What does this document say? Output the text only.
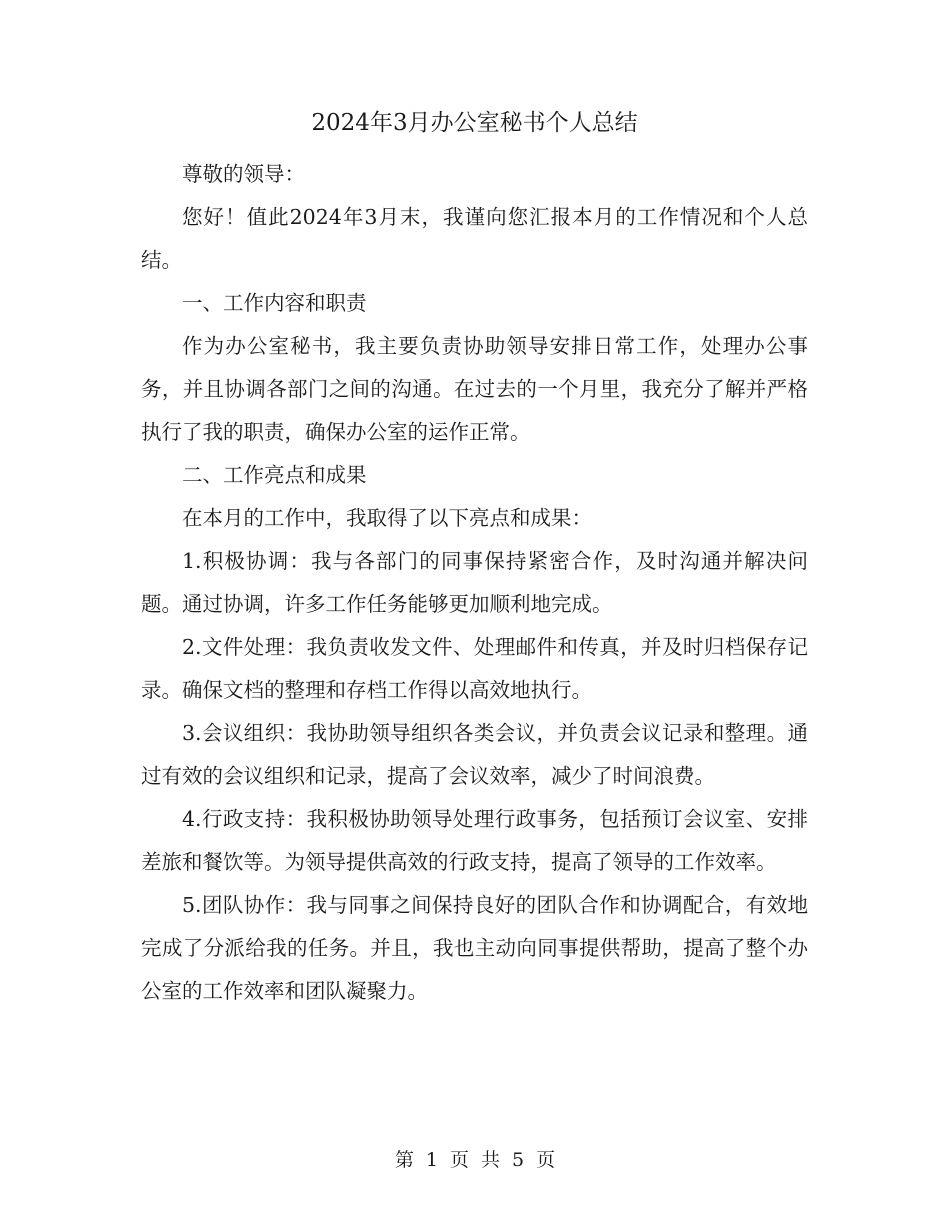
2024年3月办公室秘书个人总结

尊敬的领导：

您好！值此2024年3月末，我谨向您汇报本月的工作情况和个人总结。

一、工作内容和职责

作为办公室秘书，我主要负责协助领导安排日常工作，处理办公事务，并且协调各部门之间的沟通。在过去的一个月里，我充分了解并严格执行了我的职责，确保办公室的运作正常。

二、工作亮点和成果

在本月的工作中，我取得了以下亮点和成果：

1.积极协调：我与各部门的同事保持紧密合作，及时沟通并解决问题。通过协调，许多工作任务能够更加顺利地完成。

2.文件处理：我负责收发文件、处理邮件和传真，并及时归档保存记录。确保文档的整理和存档工作得以高效地执行。

3.会议组织：我协助领导组织各类会议，并负责会议记录和整理。通过有效的会议组织和记录，提高了会议效率，减少了时间浪费。

4.行政支持：我积极协助领导处理行政事务，包括预订会议室、安排差旅和餐饮等。为领导提供高效的行政支持，提高了领导的工作效率。

5.团队协作：我与同事之间保持良好的团队合作和协调配合，有效地完成了分派给我的任务。并且，我也主动向同事提供帮助，提高了整个办公室的工作效率和团队凝聚力。

第 1 页 共 5 页
